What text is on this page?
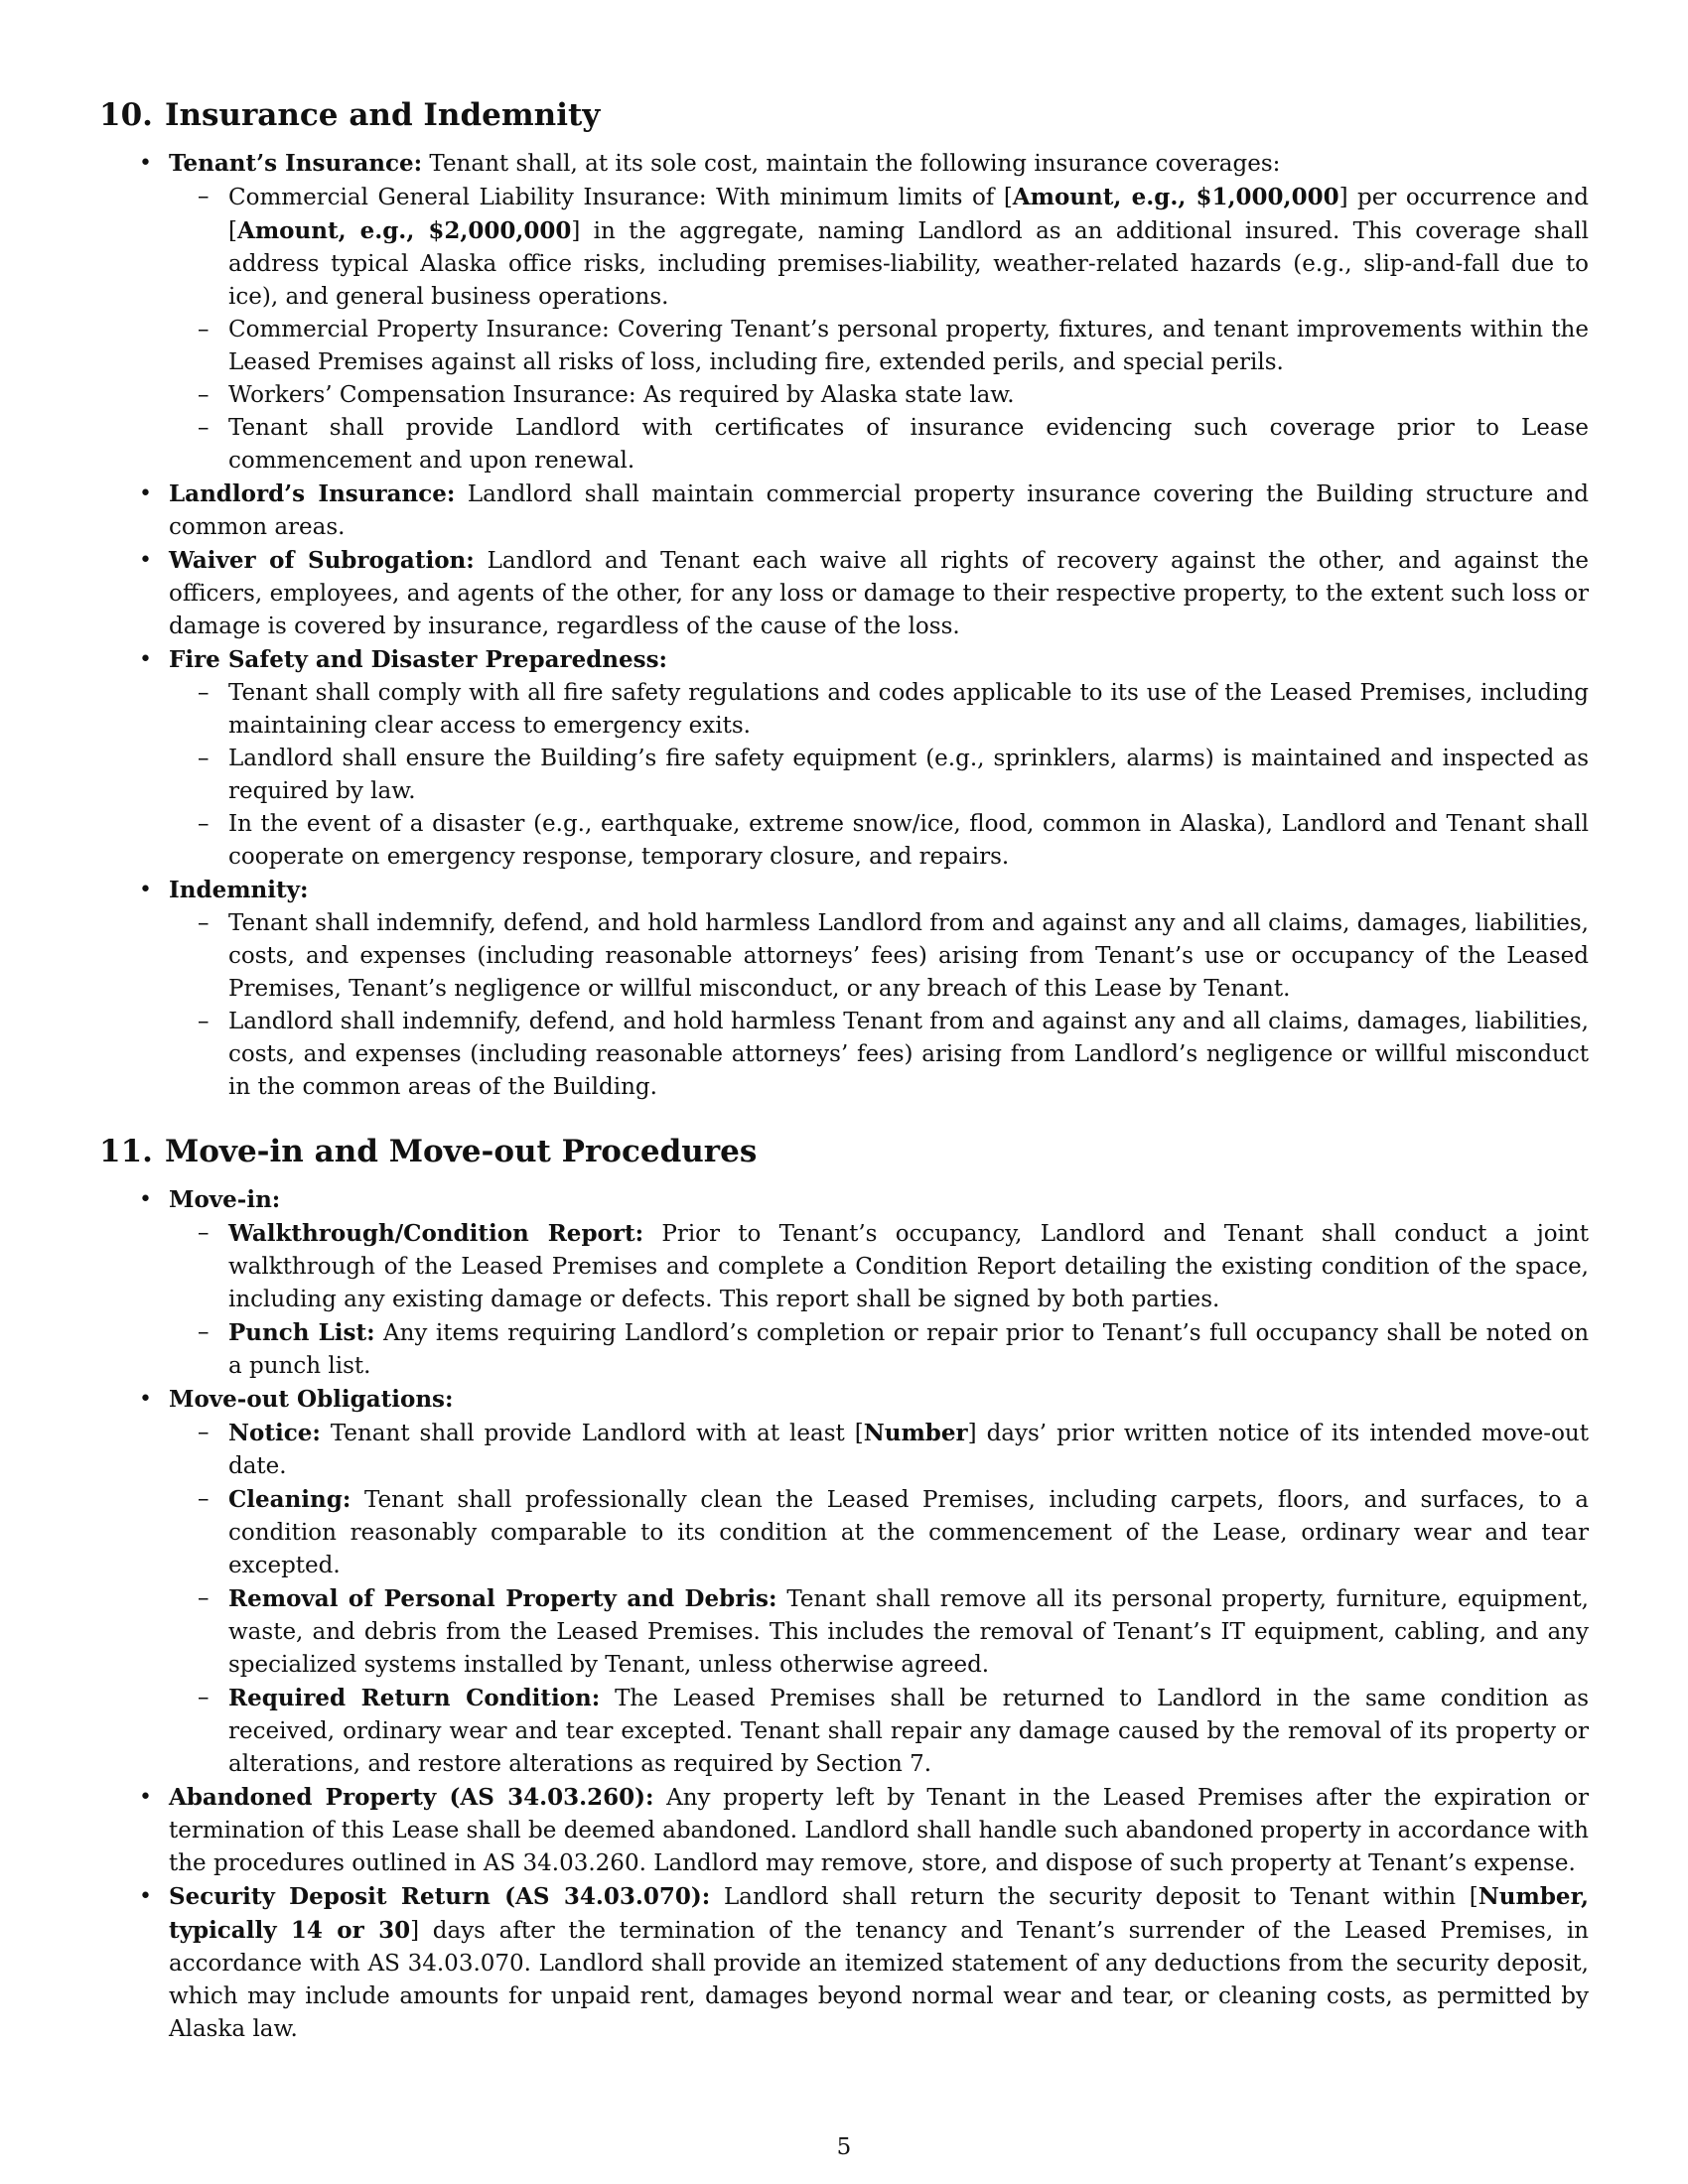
10. Insurance and Indemnity
• Tenant’s Insurance: Tenant shall, at its sole cost, maintain the following insurance coverages:
– Commercial General Liability Insurance: With minimum limits of [Amount, e.g., $1,000,000] per occurrence and [Amount, e.g., $2,000,000] in the aggregate, naming Landlord as an additional insured. This coverage shall address typical Alaska office risks, including premises-liability, weather-related hazards (e.g., slip-and-fall due to ice), and general business operations.
– Commercial Property Insurance: Covering Tenant’s personal property, fixtures, and tenant improvements within the Leased Premises against all risks of loss, including fire, extended perils, and special perils.
– Workers’ Compensation Insurance: As required by Alaska state law.
– Tenant shall provide Landlord with certificates of insurance evidencing such coverage prior to Lease commencement and upon renewal.
• Landlord’s Insurance: Landlord shall maintain commercial property insurance covering the Building structure and common areas.
• Waiver of Subrogation: Landlord and Tenant each waive all rights of recovery against the other, and against the officers, employees, and agents of the other, for any loss or damage to their respective property, to the extent such loss or damage is covered by insurance, regardless of the cause of the loss.
• Fire Safety and Disaster Preparedness:
– Tenant shall comply with all fire safety regulations and codes applicable to its use of the Leased Premises, including maintaining clear access to emergency exits.
– Landlord shall ensure the Building’s fire safety equipment (e.g., sprinklers, alarms) is maintained and inspected as required by law.
– In the event of a disaster (e.g., earthquake, extreme snow/ice, flood, common in Alaska), Landlord and Tenant shall cooperate on emergency response, temporary closure, and repairs.
• Indemnity:
– Tenant shall indemnify, defend, and hold harmless Landlord from and against any and all claims, damages, liabilities, costs, and expenses (including reasonable attorneys’ fees) arising from Tenant’s use or occupancy of the Leased Premises, Tenant’s negligence or willful misconduct, or any breach of this Lease by Tenant.
– Landlord shall indemnify, defend, and hold harmless Tenant from and against any and all claims, damages, liabilities, costs, and expenses (including reasonable attorneys’ fees) arising from Landlord’s negligence or willful misconduct in the common areas of the Building.
11. Move-in and Move-out Procedures
• Move-in:
– Walkthrough/Condition Report: Prior to Tenant’s occupancy, Landlord and Tenant shall conduct a joint walkthrough of the Leased Premises and complete a Condition Report detailing the existing condition of the space, including any existing damage or defects. This report shall be signed by both parties.
– Punch List: Any items requiring Landlord’s completion or repair prior to Tenant’s full occupancy shall be noted on a punch list.
• Move-out Obligations:
– Notice: Tenant shall provide Landlord with at least [Number] days’ prior written notice of its intended move-out date.
– Cleaning: Tenant shall professionally clean the Leased Premises, including carpets, floors, and surfaces, to a condition reasonably comparable to its condition at the commencement of the Lease, ordinary wear and tear excepted.
– Removal of Personal Property and Debris: Tenant shall remove all its personal property, furniture, equipment, waste, and debris from the Leased Premises. This includes the removal of Tenant’s IT equipment, cabling, and any specialized systems installed by Tenant, unless otherwise agreed.
– Required Return Condition: The Leased Premises shall be returned to Landlord in the same condition as received, ordinary wear and tear excepted. Tenant shall repair any damage caused by the removal of its property or alterations, and restore alterations as required by Section 7.
• Abandoned Property (AS 34.03.260): Any property left by Tenant in the Leased Premises after the expiration or termination of this Lease shall be deemed abandoned. Landlord shall handle such abandoned property in accordance with the procedures outlined in AS 34.03.260. Landlord may remove, store, and dispose of such property at Tenant’s expense.
• Security Deposit Return (AS 34.03.070): Landlord shall return the security deposit to Tenant within [Number, typically 14 or 30] days after the termination of the tenancy and Tenant’s surrender of the Leased Premises, in accordance with AS 34.03.070. Landlord shall provide an itemized statement of any deductions from the security deposit, which may include amounts for unpaid rent, damages beyond normal wear and tear, or cleaning costs, as permitted by Alaska law.
5
